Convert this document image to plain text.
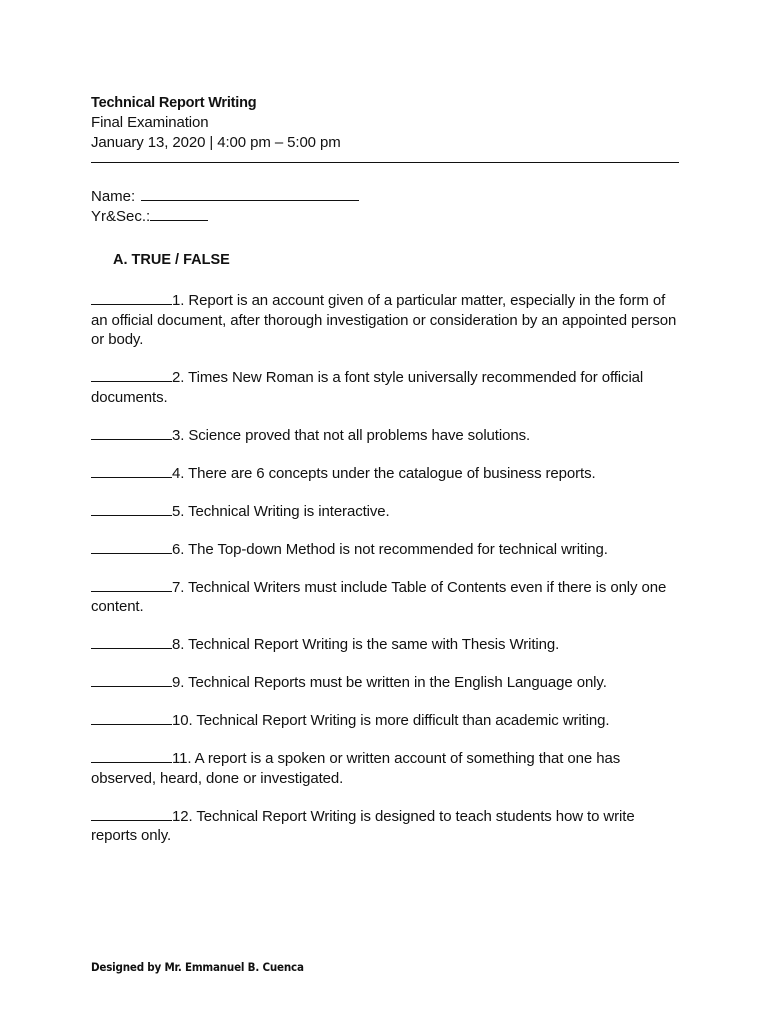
Technical Report Writing
Final Examination
January 13, 2020 | 4:00 pm – 5:00 pm
Name:
Yr&Sec.:
A. TRUE / FALSE
1. Report is an account given of a particular matter, especially in the form of an official document, after thorough investigation or consideration by an appointed person or body.
2. Times New Roman is a font style universally recommended for official documents.
3. Science proved that not all problems have solutions.
4. There are 6 concepts under the catalogue of business reports.
5. Technical Writing is interactive.
6. The Top-down Method is not recommended for technical writing.
7. Technical Writers must include Table of Contents even if there is only one content.
8. Technical Report Writing is the same with Thesis Writing.
9. Technical Reports must be written in the English Language only.
10. Technical Report Writing is more difficult than academic writing.
11. A report is a spoken or written account of something that one has observed, heard, done or investigated.
12. Technical Report Writing is designed to teach students how to write reports only.
Designed by Mr. Emmanuel B. Cuenca
